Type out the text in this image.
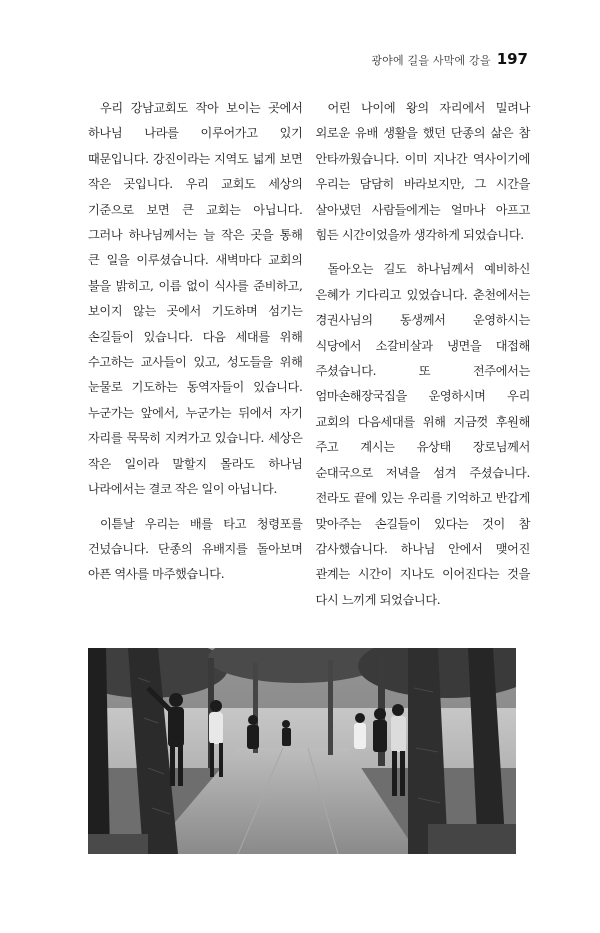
광야에 길을 사막에 강을 197

우리 강남교회도 작아 보이는 곳에서 하나님 나라를 이루어가고 있기 때문입니다. 강진이라는 지역도 넓게 보면 작은 곳입니다. 우리 교회도 세상의 기준으로 보면 큰 교회는 아닙니다. 그러나 하나님께서는 늘 작은 곳을 통해 큰 일을 이루셨습니다. 새벽마다 교회의 불을 밝히고, 이름 없이 식사를 준비하고, 보이지 않는 곳에서 기도하며 섬기는 손길들이 있습니다. 다음 세대를 위해 수고하는 교사들이 있고, 성도들을 위해 눈물로 기도하는 동역자들이 있습니다. 누군가는 앞에서, 누군가는 뒤에서 자기 자리를 묵묵히 지켜가고 있습니다. 세상은 작은 일이라 말할지 몰라도 하나님 나라에서는 결코 작은 일이 아닙니다.

이튿날 우리는 배를 타고 청령포를 건넜습니다. 단종의 유배지를 돌아보며 아픈 역사를 마주했습니다.

어린 나이에 왕의 자리에서 밀려나 외로운 유배 생활을 했던 단종의 삶은 참 안타까웠습니다. 이미 지나간 역사이기에 우리는 담담히 바라보지만, 그 시간을 살아냈던 사람들에게는 얼마나 아프고 힘든 시간이었을까 생각하게 되었습니다.

돌아오는 길도 하나님께서 예비하신 은혜가 기다리고 있었습니다. 춘천에서는 경권사님의 동생께서 운영하시는 식당에서 소갈비살과 냉면을 대접해 주셨습니다. 또 전주에서는 엄마손해장국집을 운영하시며 우리 교회의 다음세대를 위해 지금껏 후원해 주고 계시는 유상태 장로님께서 순대국으로 저녁을 섬겨 주셨습니다. 전라도 끝에 있는 우리를 기억하고 반갑게 맞아주는 손길들이 있다는 것이 참 감사했습니다. 하나님 안에서 맺어진 관계는 시간이 지나도 이어진다는 것을 다시 느끼게 되었습니다.
